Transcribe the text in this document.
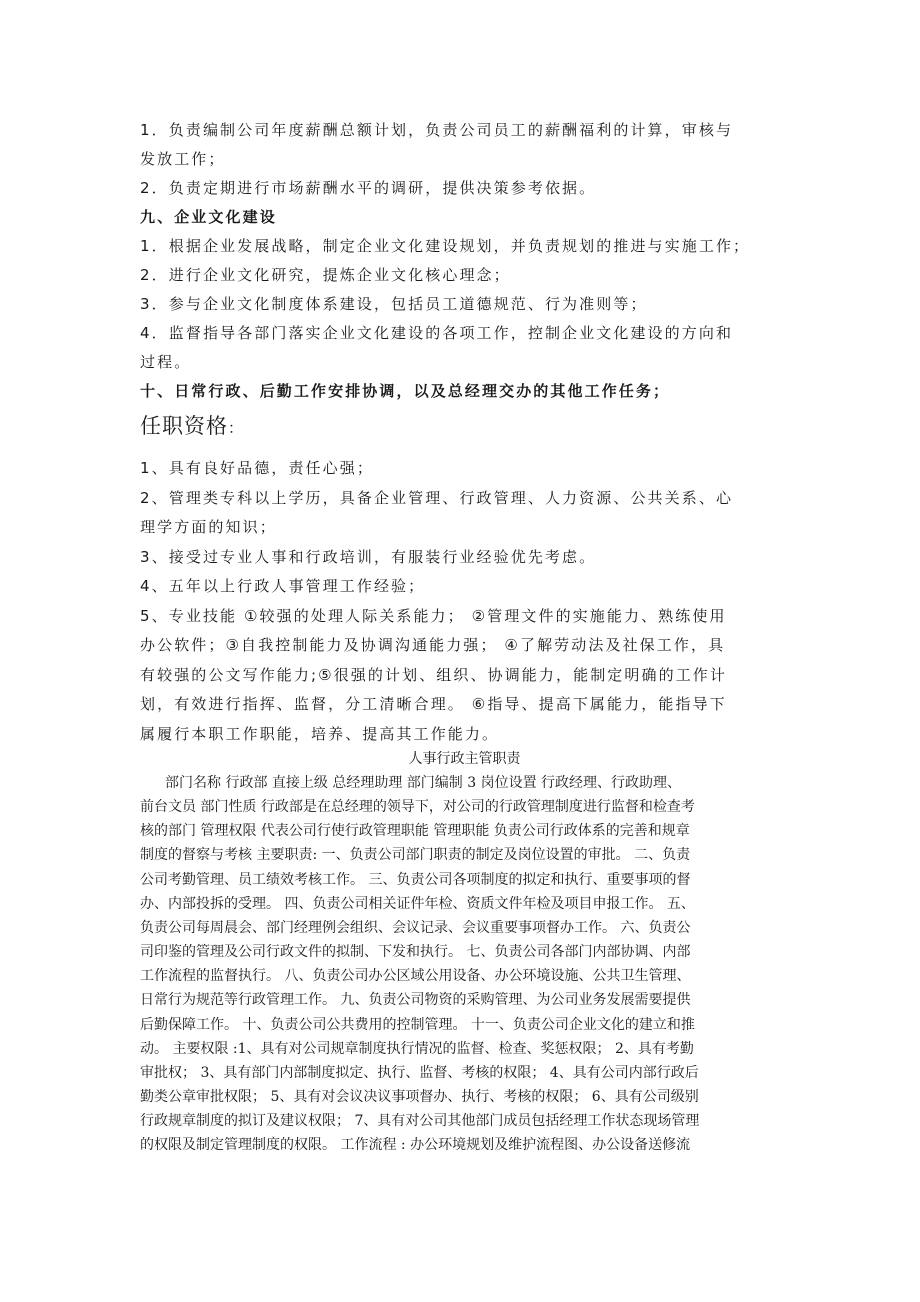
1．负责编制公司年度薪酬总额计划，负责公司员工的薪酬福利的计算，审核与

发放工作；

2．负责定期进行市场薪酬水平的调研，提供决策参考依据。

九、企业文化建设

1．根据企业发展战略，制定企业文化建设规划，并负责规划的推进与实施工作；

2．进行企业文化研究，提炼企业文化核心理念；

3．参与企业文化制度体系建设，包括员工道德规范、行为准则等；

4．监督指导各部门落实企业文化建设的各项工作，控制企业文化建设的方向和

过程。

十、日常行政、后勤工作安排协调，以及总经理交办的其他工作任务；

任职资格：

1、具有良好品德，责任心强；

2、管理类专科以上学历，具备企业管理、行政管理、人力资源、公共关系、心

理学方面的知识；

3、接受过专业人事和行政培训，有服装行业经验优先考虑。

4、五年以上行政人事管理工作经验；

5、专业技能 ①较强的处理人际关系能力； ②管理文件的实施能力、熟练使用

办公软件；③自我控制能力及协调沟通能力强； ④了解劳动法及社保工作，具

有较强的公文写作能力;⑤很强的计划、组织、协调能力，能制定明确的工作计

划，有效进行指挥、监督，分工清晰合理。 ⑥指导、提高下属能力，能指导下

属履行本职工作职能，培养、提高其工作能力。

人事行政主管职责

部门名称 行政部 直接上级 总经理助理 部门编制 3 岗位设置 行政经理、行政助理、
前台文员 部门性质 行政部是在总经理的领导下，对公司的行政管理制度进行监督和检查考
核的部门 管理权限 代表公司行使行政管理职能 管理职能 负责公司行政体系的完善和规章
制度的督察与考核 主要职责: 一、负责公司部门职责的制定及岗位设置的审批。 二、负责
公司考勤管理、员工绩效考核工作。 三、负责公司各项制度的拟定和执行、重要事项的督
办、内部投拆的受理。 四、负责公司相关证件年检、资质文件年检及项目申报工作。 五、
负责公司每周晨会、部门经理例会组织、会议记录、会议重要事项督办工作。 六、负责公
司印鉴的管理及公司行政文件的拟制、下发和执行。 七、负责公司各部门内部协调、内部
工作流程的监督执行。 八、负责公司办公区域公用设备、办公环境设施、公共卫生管理、
日常行为规范等行政管理工作。 九、负责公司物资的采购管理、为公司业务发展需要提供
后勤保障工作。 十、负责公司公共费用的控制管理。 十一、负责公司企业文化的建立和推
动。 主要权限 :1、具有对公司规章制度执行情况的监督、检查、奖惩权限； 2、具有考勤
审批权； 3、具有部门内部制度拟定、执行、监督、考核的权限； 4、具有公司内部行政后
勤类公章审批权限； 5、具有对会议决议事项督办、执行、考核的权限； 6、具有公司级别
行政规章制度的拟订及建议权限； 7、具有对公司其他部门成员包括经理工作状态现场管理
的权限及制定管理制度的权限。 工作流程 : 办公环境规划及维护流程图、办公设备送修流
